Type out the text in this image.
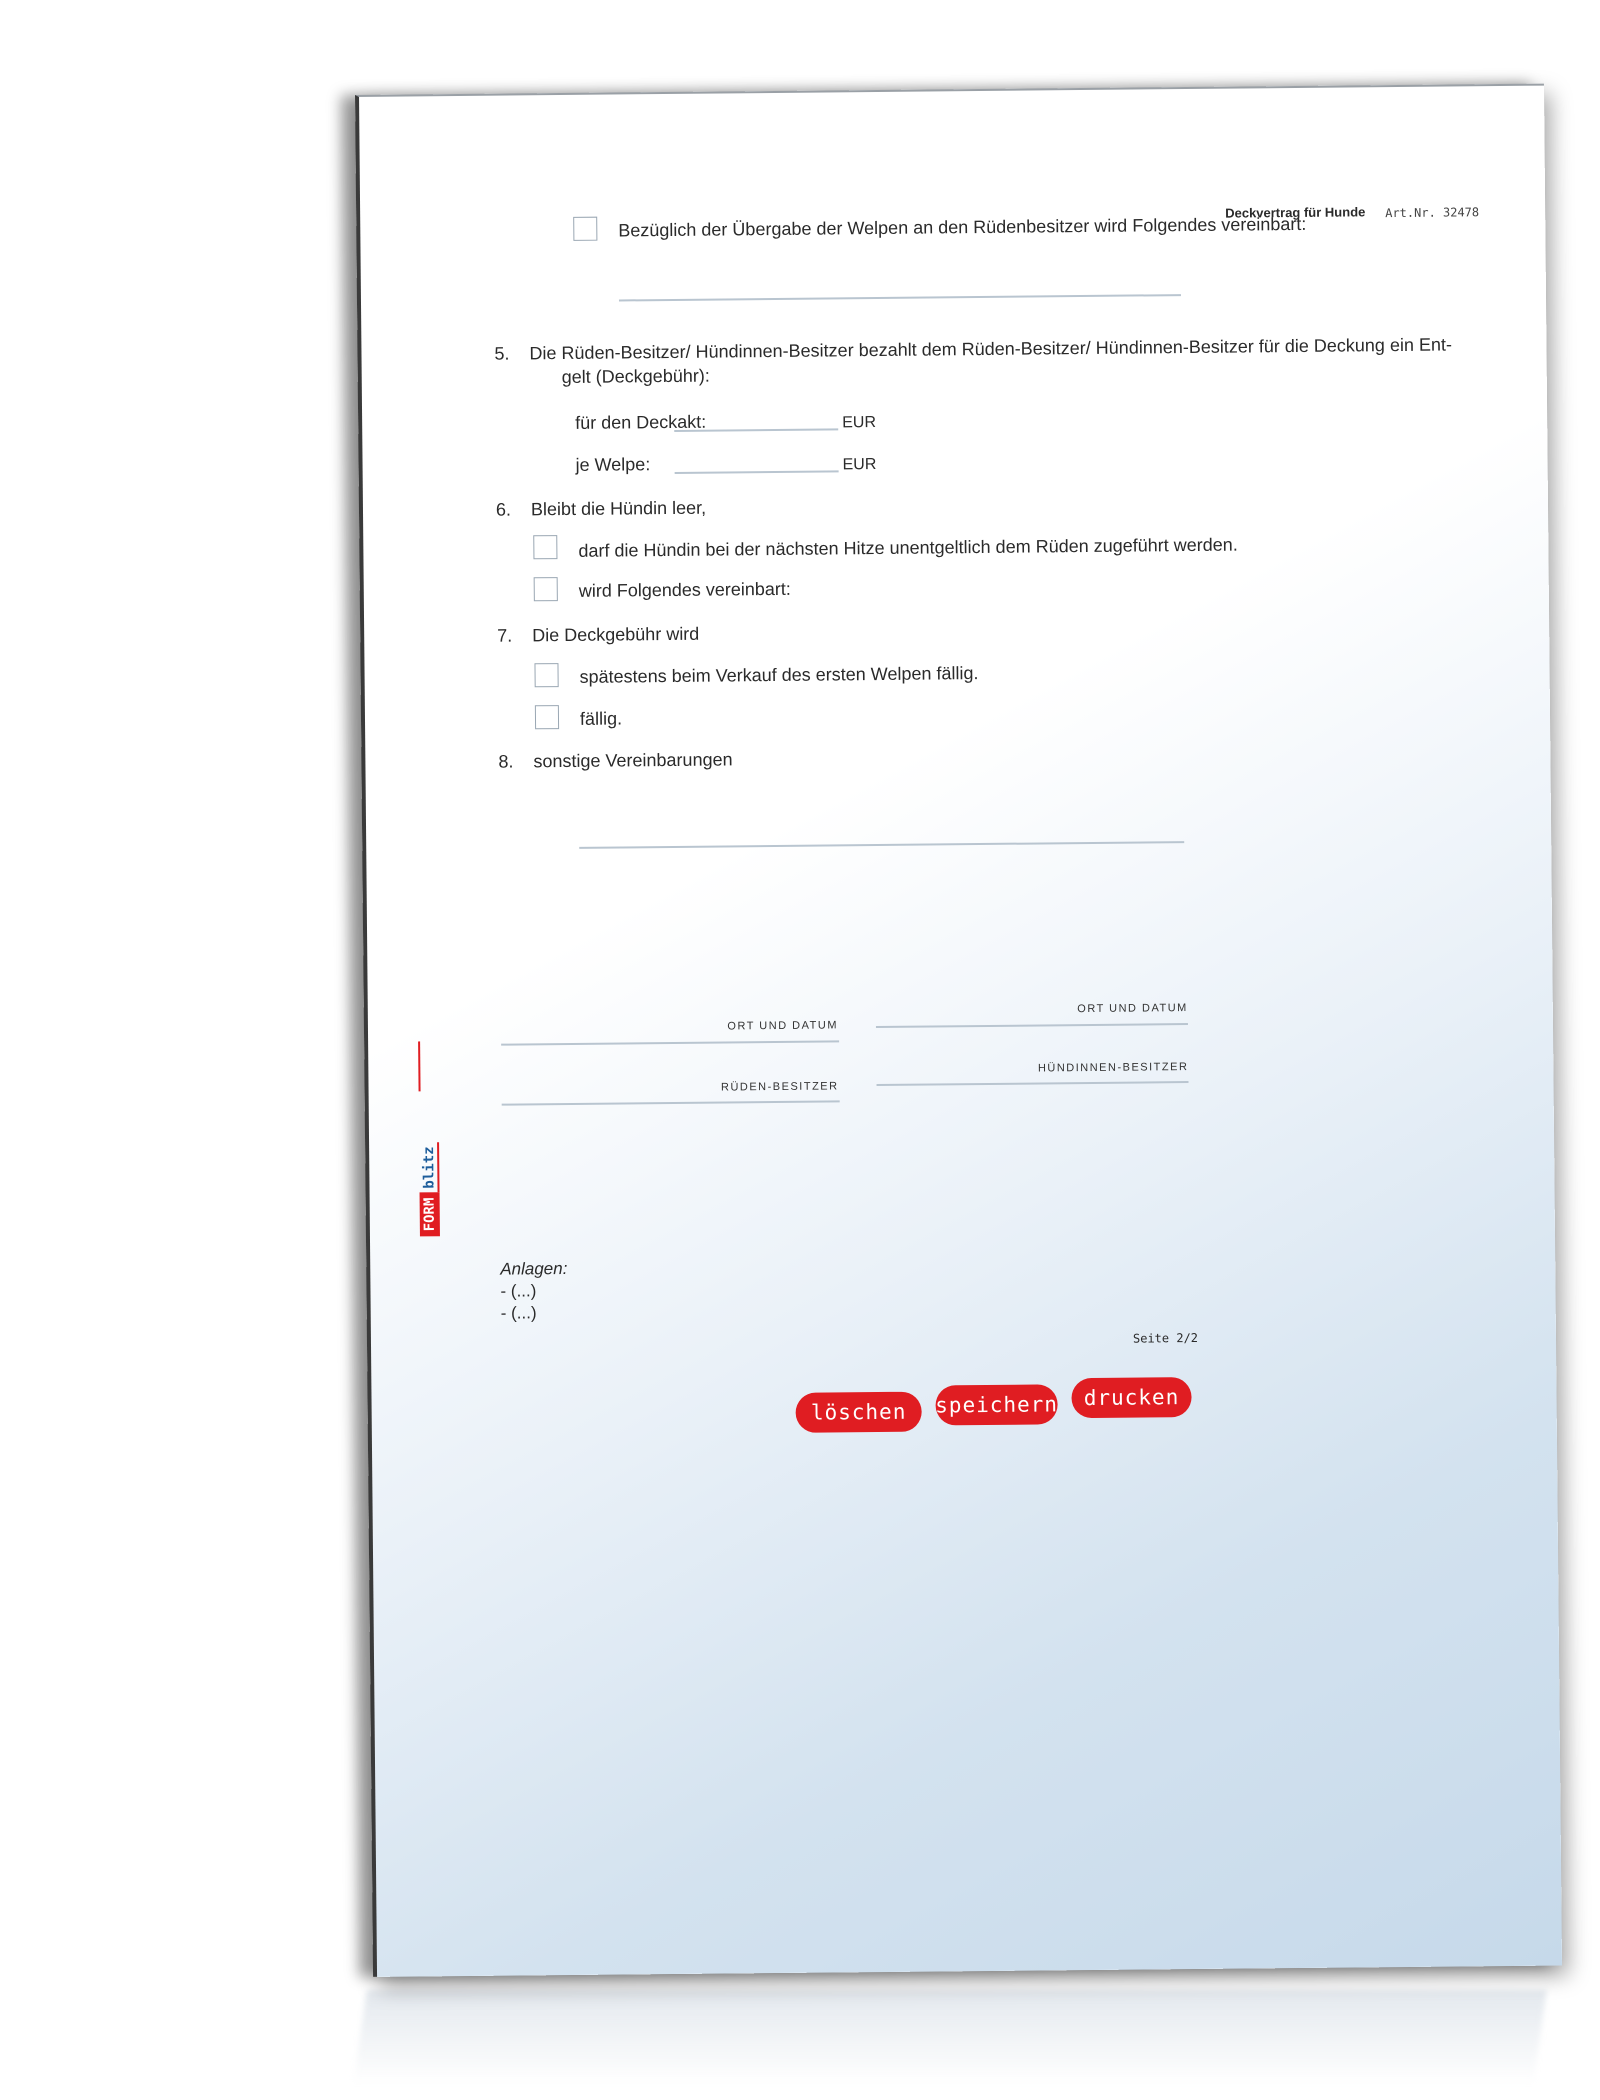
Deckvertrag für Hunde Art.Nr. 32478
Bezüglich der Übergabe der Welpen an den Rüdenbesitzer wird Folgendes vereinbart:
5. Die Rüden-Besitzer/ Hündinnen-Besitzer bezahlt dem Rüden-Besitzer/ Hündinnen-Besitzer für die Deckung ein Ent-
gelt (Deckgebühr):
für den Deckakt:	EUR
je Welpe:	EUR
6. Bleibt die Hündin leer,
darf die Hündin bei der nächsten Hitze unentgeltlich dem Rüden zugeführt werden.
wird Folgendes vereinbart:
7. Die Deckgebühr wird
spätestens beim Verkauf des ersten Welpen fällig.
fällig.
8. sonstige Vereinbarungen
ORT UND DATUM
ORT UND DATUM
RÜDEN-BESITZER
HÜNDINNEN-BESITZER
Anlagen:
- (...)
- (...)
Seite 2/2
löschen	speichern	drucken
FORM
blitz
